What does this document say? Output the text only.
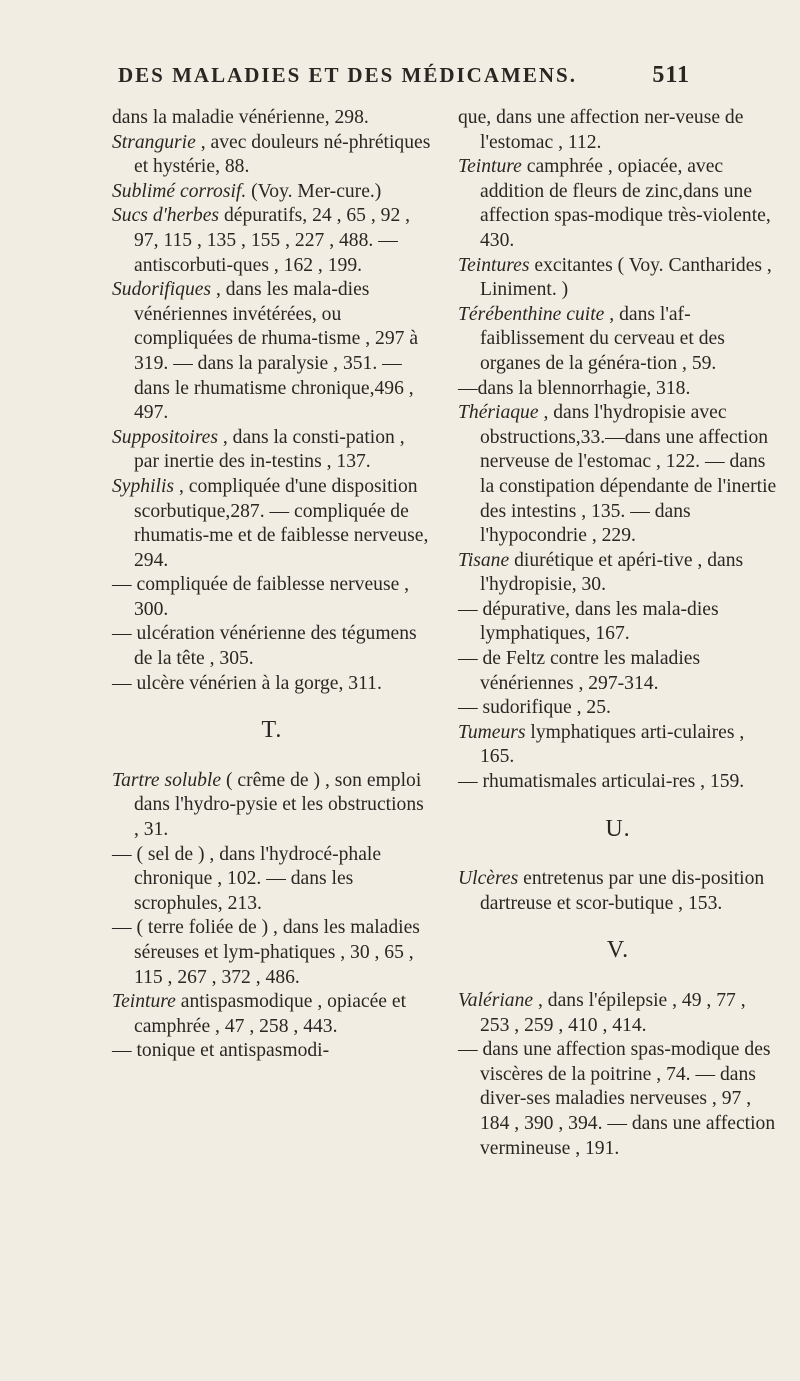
DES MALADIES ET DES MÉDICAMENS.	511

dans la maladie vénérienne, 298.

Strangurie , avec douleurs né-phrétiques et hystérie, 88.

Sublimé corrosif. (Voy. Mer-cure.)

Sucs d'herbes dépuratifs, 24 , 65 , 92 , 97, 115 , 135 , 155 , 227 , 488. — antiscorbuti-ques , 162 , 199.

Sudorifiques , dans les mala-dies vénériennes invétérées, ou compliquées de rhuma-tisme , 297 à 319. — dans la paralysie , 351. — dans le rhumatisme chronique,496 , 497.

Suppositoires , dans la consti-pation , par inertie des in-testins , 137.

Syphilis , compliquée d'une disposition scorbutique,287. — compliquée de rhumatis-me et de faiblesse nerveuse, 294.

— compliquée de faiblesse nerveuse , 300.

— ulcération vénérienne des tégumens de la tête , 305.

— ulcère vénérien à la gorge, 311.

T.

Tartre soluble ( crême de ) , son emploi dans l'hydro-pysie et les obstructions , 31.

— ( sel de ) , dans l'hydrocé-phale chronique , 102. — dans les scrophules, 213.

— ( terre foliée de ) , dans les maladies séreuses et lym-phatiques , 30 , 65 , 115 , 267 , 372 , 486.

Teinture antispasmodique , opiacée et camphrée , 47 , 258 , 443.

— tonique et antispasmodi-

que, dans une affection ner-veuse de l'estomac , 112.

Teinture camphrée , opiacée, avec addition de fleurs de zinc,dans une affection spas-modique très-violente, 430.

Teintures excitantes ( Voy. Cantharides , Liniment. )

Térébenthine cuite , dans l'af-faiblissement du cerveau et des organes de la généra-tion , 59.

—dans la blennorrhagie, 318.

Thériaque , dans l'hydropisie avec obstructions,33.—dans une affection nerveuse de l'estomac , 122. — dans la constipation dépendante de l'inertie des intestins , 135. — dans l'hypocondrie , 229.

Tisane diurétique et apéri-tive , dans l'hydropisie, 30.

— dépurative, dans les mala-dies lymphatiques, 167.

— de Feltz contre les maladies vénériennes , 297-314.

— sudorifique , 25.

Tumeurs lymphatiques arti-culaires , 165.

— rhumatismales articulai-res , 159.

U.

Ulcères entretenus par une dis-position dartreuse et scor-butique , 153.

V.

Valériane , dans l'épilepsie , 49 , 77 , 253 , 259 , 410 , 414.

— dans une affection spas-modique des viscères de la poitrine , 74. — dans diver-ses maladies nerveuses , 97 , 184 , 390 , 394. — dans une affection vermineuse , 191.
